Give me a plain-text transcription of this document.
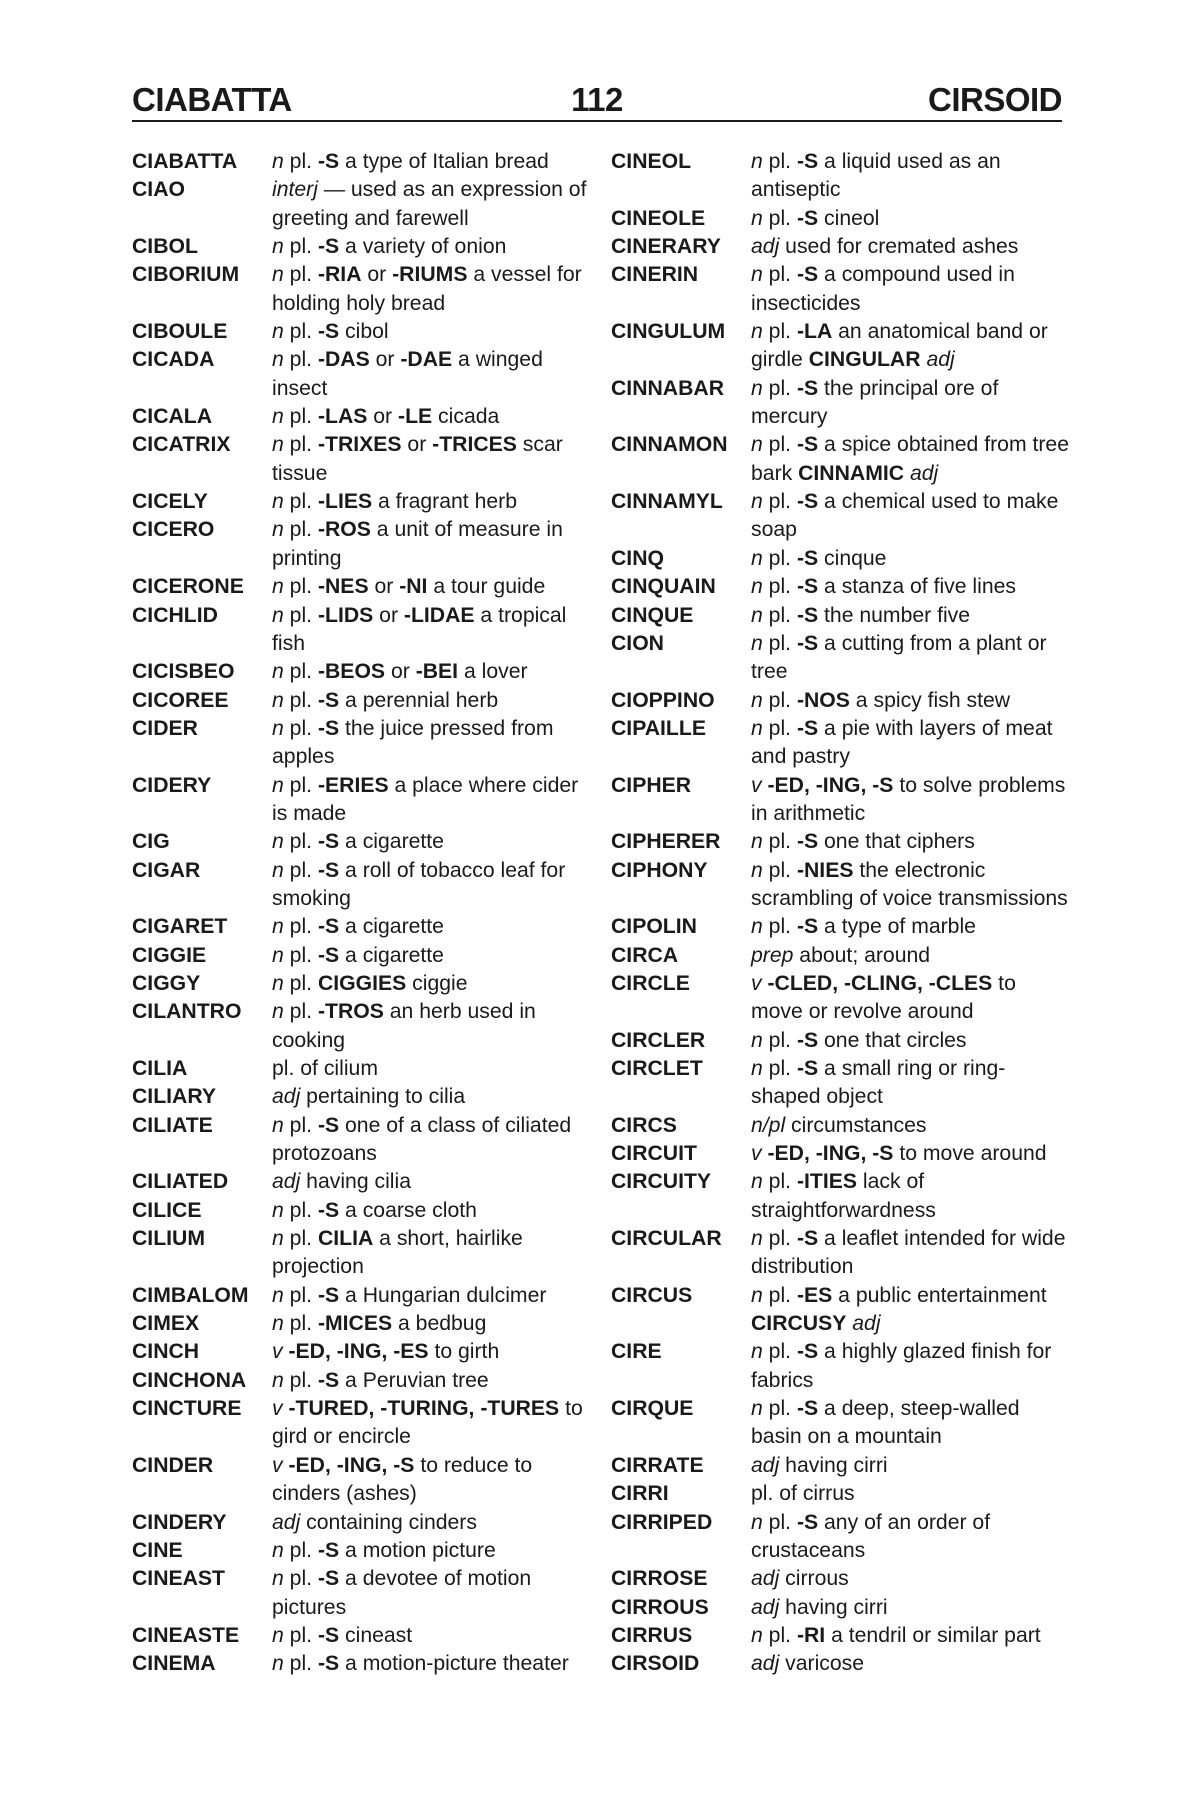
CIABATTA	112	CIRSOID
CIABATTA	n pl. -S a type of Italian bread
CIAO	interj — used as an expression of greeting and farewell
CIBOL	n pl. -S a variety of onion
CIBORIUM	n pl. -RIA or -RIUMS a vessel for holding holy bread
CIBOULE	n pl. -S cibol
CICADA	n pl. -DAS or -DAE a winged insect
CICALA	n pl. -LAS or -LE cicada
CICATRIX	n pl. -TRIXES or -TRICES scar tissue
CICELY	n pl. -LIES a fragrant herb
CICERO	n pl. -ROS a unit of measure in printing
CICERONE	n pl. -NES or -NI a tour guide
CICHLID	n pl. -LIDS or -LIDAE a tropical fish
CICISBEO	n pl. -BEOS or -BEI a lover
CICOREE	n pl. -S a perennial herb
CIDER	n pl. -S the juice pressed from apples
CIDERY	n pl. -ERIES a place where cider is made
CIG	n pl. -S a cigarette
CIGAR	n pl. -S a roll of tobacco leaf for smoking
CIGARET	n pl. -S a cigarette
CIGGIE	n pl. -S a cigarette
CIGGY	n pl. CIGGIES ciggie
CILANTRO	n pl. -TROS an herb used in cooking
CILIA	pl. of cilium
CILIARY	adj pertaining to cilia
CILIATE	n pl. -S one of a class of ciliated protozoans
CILIATED	adj having cilia
CILICE	n pl. -S a coarse cloth
CILIUM	n pl. CILIA a short, hairlike projection
CIMBALOM	n pl. -S a Hungarian dulcimer
CIMEX	n pl. -MICES a bedbug
CINCH	v -ED, -ING, -ES to girth
CINCHONA	n pl. -S a Peruvian tree
CINCTURE	v -TURED, -TURING, -TURES to gird or encircle
CINDER	v -ED, -ING, -S to reduce to cinders (ashes)
CINDERY	adj containing cinders
CINE	n pl. -S a motion picture
CINEAST	n pl. -S a devotee of motion pictures
CINEASTE	n pl. -S cineast
CINEMA	n pl. -S a motion-picture theater
CINEOL	n pl. -S a liquid used as an antiseptic
CINEOLE	n pl. -S cineol
CINERARY	adj used for cremated ashes
CINERIN	n pl. -S a compound used in insecticides
CINGULUM	n pl. -LA an anatomical band or girdle CINGULAR adj
CINNABAR	n pl. -S the principal ore of mercury
CINNAMON	n pl. -S a spice obtained from tree bark CINNAMIC adj
CINNAMYL	n pl. -S a chemical used to make soap
CINQ	n pl. -S cinque
CINQUAIN	n pl. -S a stanza of five lines
CINQUE	n pl. -S the number five
CION	n pl. -S a cutting from a plant or tree
CIOPPINO	n pl. -NOS a spicy fish stew
CIPAILLE	n pl. -S a pie with layers of meat and pastry
CIPHER	v -ED, -ING, -S to solve problems in arithmetic
CIPHERER	n pl. -S one that ciphers
CIPHONY	n pl. -NIES the electronic scrambling of voice transmissions
CIPOLIN	n pl. -S a type of marble
CIRCA	prep about; around
CIRCLE	v -CLED, -CLING, -CLES to move or revolve around
CIRCLER	n pl. -S one that circles
CIRCLET	n pl. -S a small ring or ring-shaped object
CIRCS	n/pl circumstances
CIRCUIT	v -ED, -ING, -S to move around
CIRCUITY	n pl. -ITIES lack of straightforwardness
CIRCULAR	n pl. -S a leaflet intended for wide distribution
CIRCUS	n pl. -ES a public entertainment CIRCUSY adj
CIRE	n pl. -S a highly glazed finish for fabrics
CIRQUE	n pl. -S a deep, steep-walled basin on a mountain
CIRRATE	adj having cirri
CIRRI	pl. of cirrus
CIRRIPED	n pl. -S any of an order of crustaceans
CIRROSE	adj cirrous
CIRROUS	adj having cirri
CIRRUS	n pl. -RI a tendril or similar part
CIRSOID	adj varicose
